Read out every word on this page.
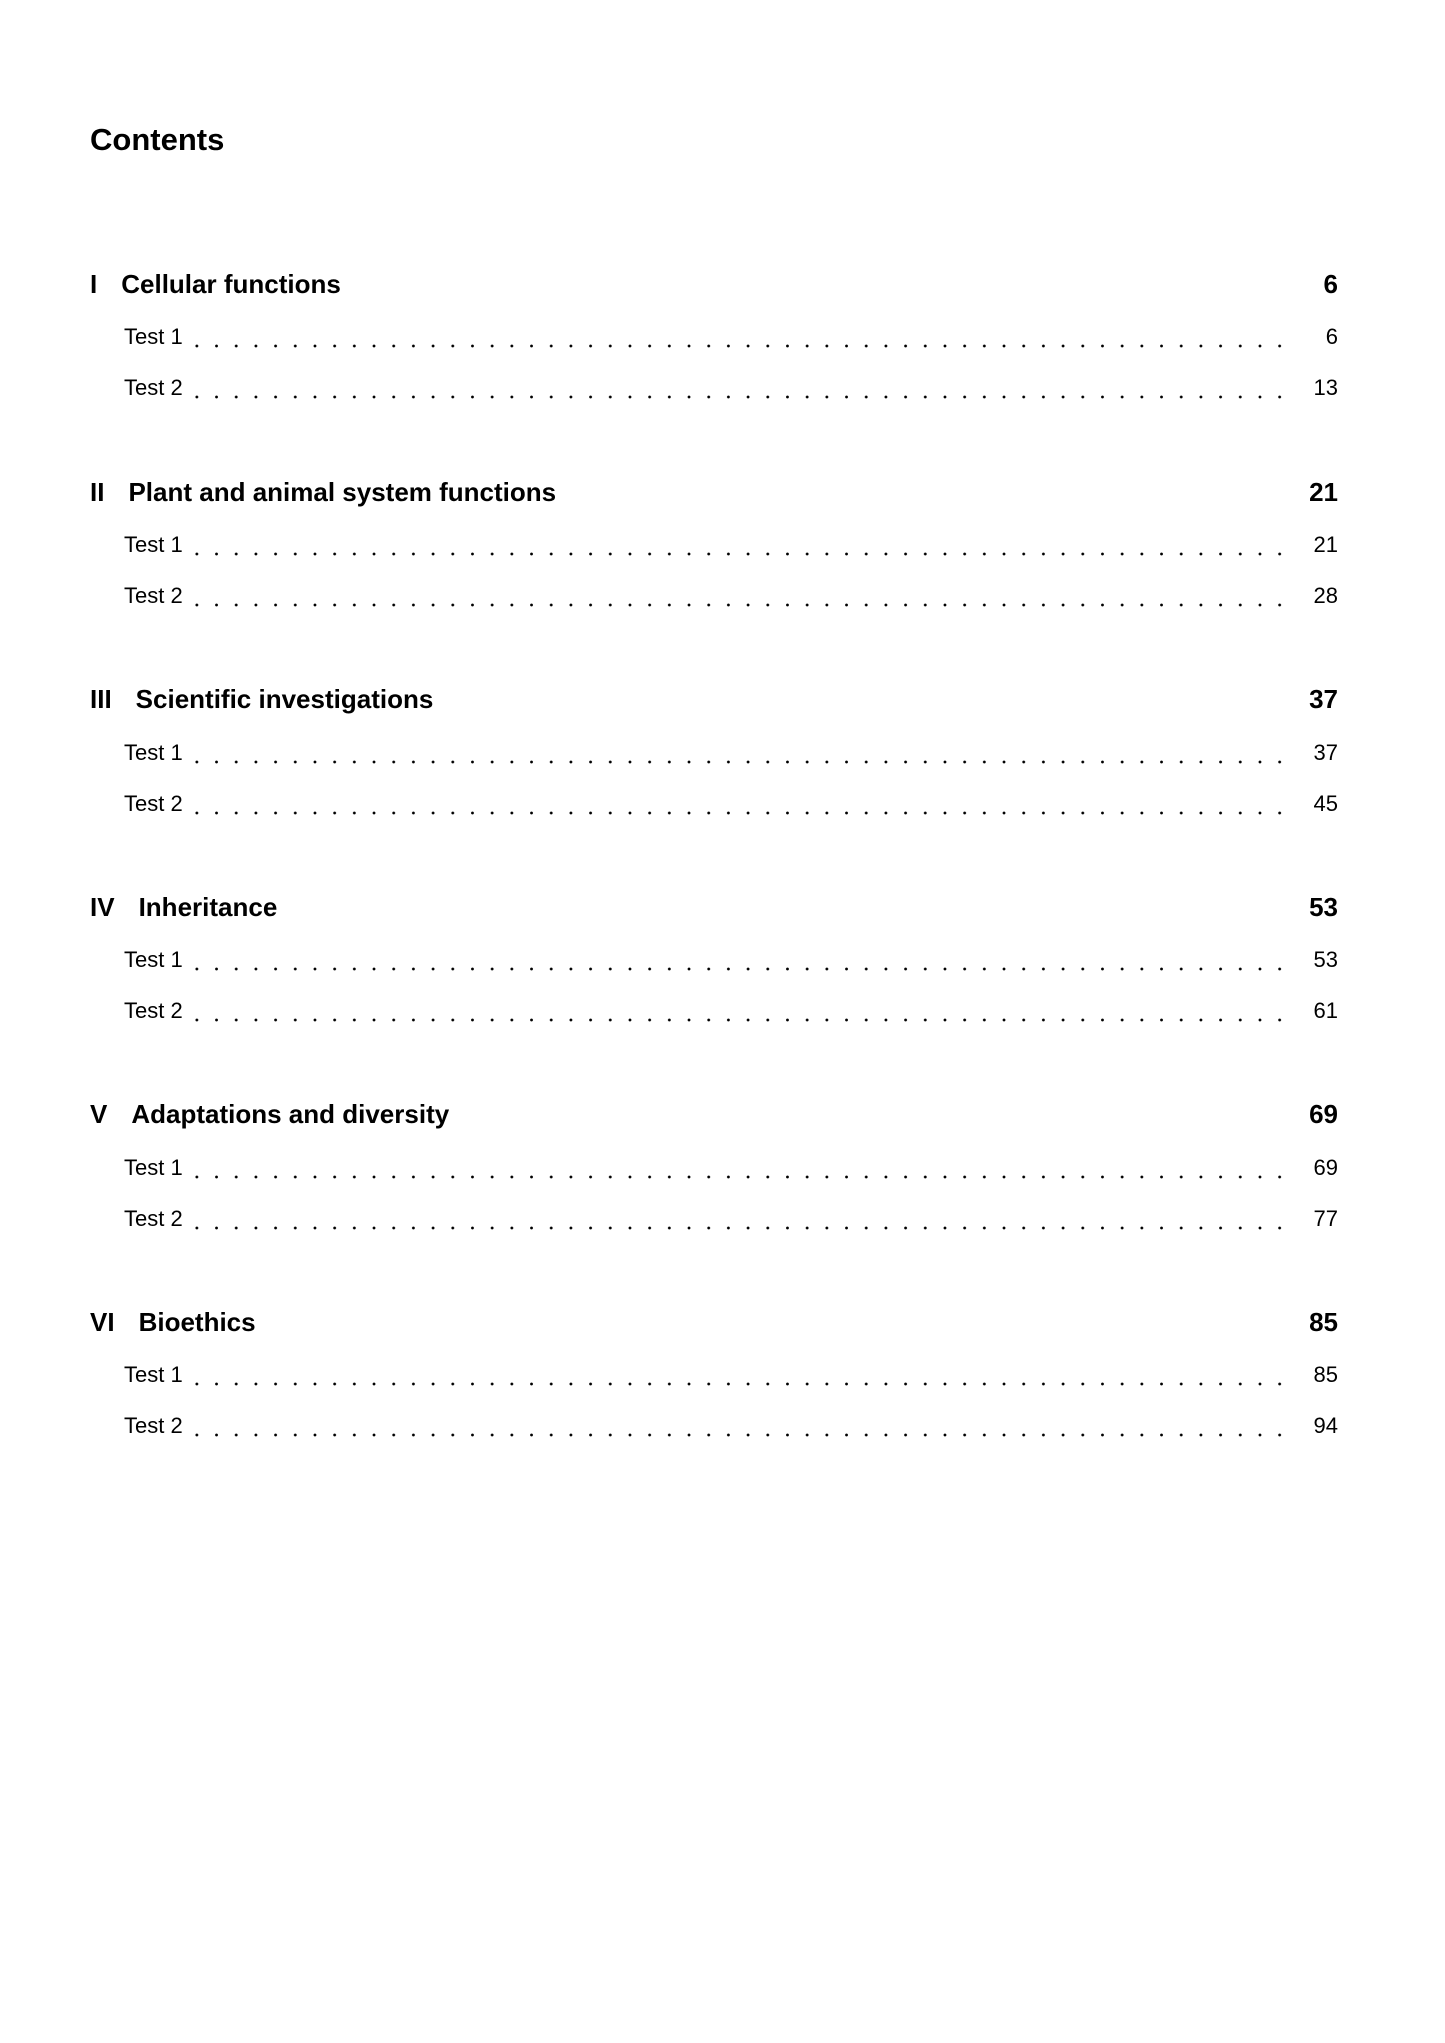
Contents
I Cellular functions	6
Test 1	6
Test 2	13
II Plant and animal system functions	21
Test 1	21
Test 2	28
III Scientific investigations	37
Test 1	37
Test 2	45
IV Inheritance	53
Test 1	53
Test 2	61
V Adaptations and diversity	69
Test 1	69
Test 2	77
VI Bioethics	85
Test 1	85
Test 2	94
